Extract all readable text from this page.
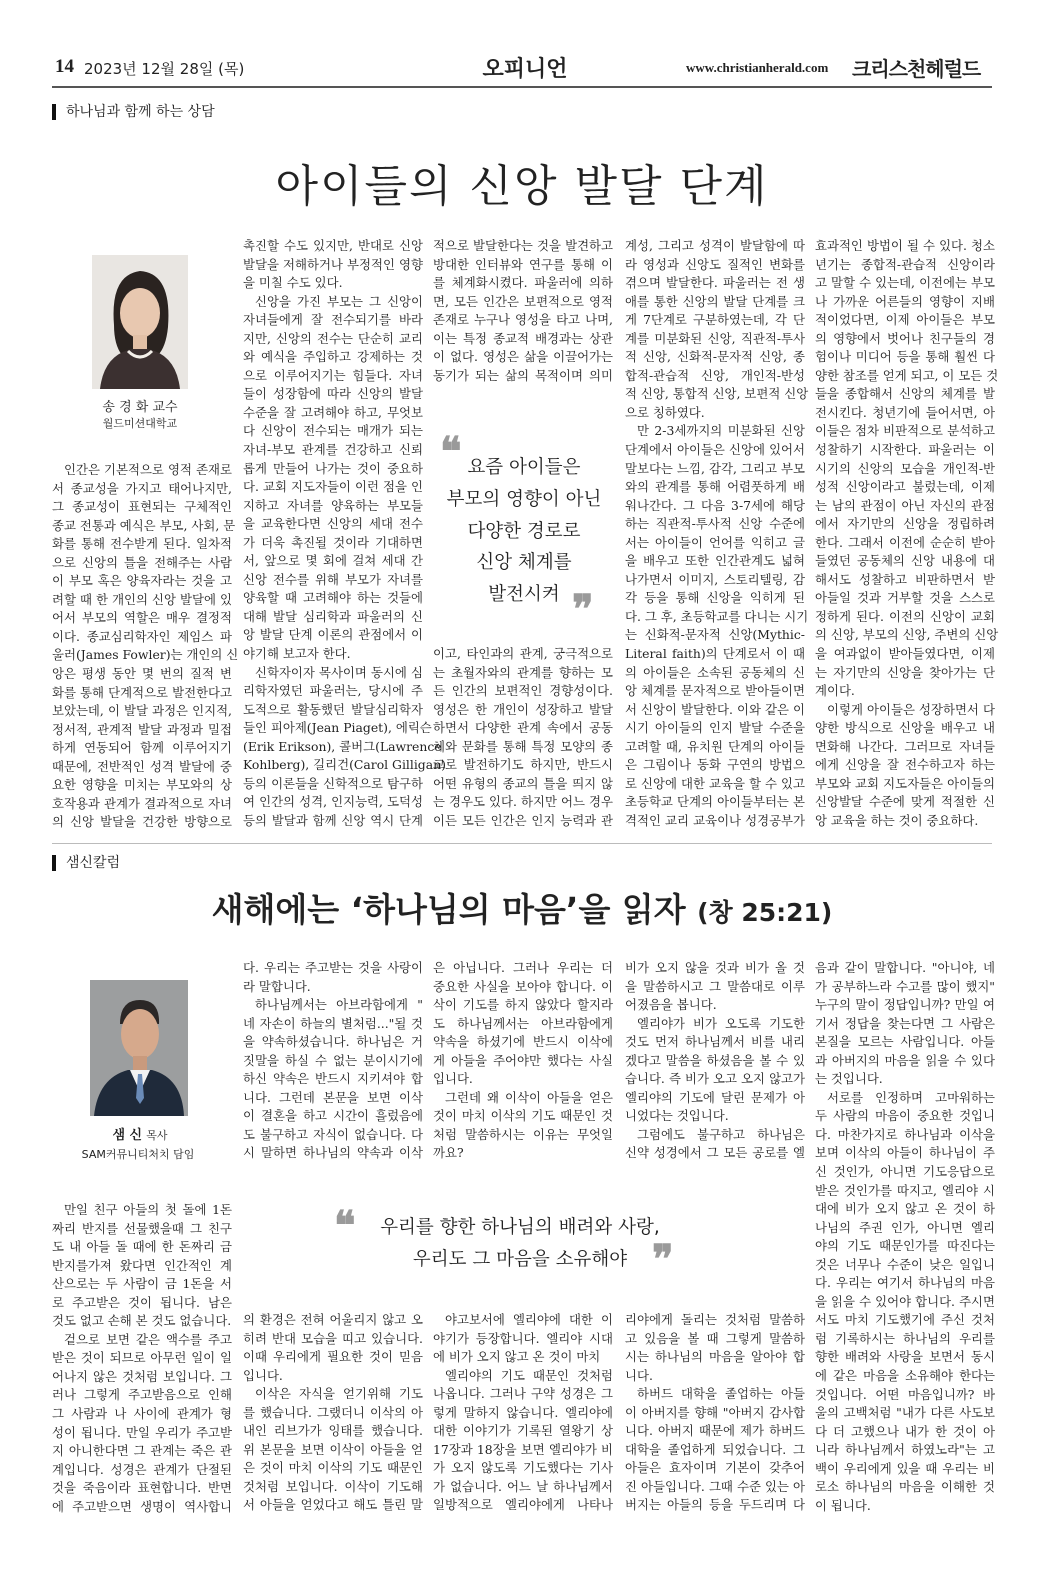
14 2023년 12월 28일 (목)	오피니언	www.christianherald.com 크리스천헤럴드
하나님과 함께 하는 상담
아이들의 신앙 발달 단계
송 경 화 교수
월드미션대학교
인간은 기본적으로 영적 존재로
서 종교성을 가지고 태어나지만,
그 종교성이 표현되는 구체적인
종교 전통과 예식은 부모, 사회, 문
화를 통해 전수받게 된다. 일차적
으로 신앙의 틀을 전해주는 사람
이 부모 혹은 양육자라는 것을 고
려할 때 한 개인의 신앙 발달에 있
어서 부모의 역할은 매우 결정적
이다. 종교심리학자인 제임스 파
울러(James Fowler)는 개인의 신
앙은 평생 동안 몇 번의 질적 변
화를 통해 단계적으로 발전한다고
보았는데, 이 발달 과정은 인지적,
정서적, 관계적 발달 과정과 밀접
하게 연동되어 함께 이루어지기
때문에, 전반적인 성격 발달에 중
요한 영향을 미치는 부모와의 상
호작용과 관계가 결과적으로 자녀
의 신앙 발달을 건강한 방향으로
촉진할 수도 있지만, 반대로 신앙
발달을 저해하거나 부정적인 영향
을 미칠 수도 있다.
신앙을 가진 부모는 그 신앙이
자녀들에게 잘 전수되기를 바라
지만, 신앙의 전수는 단순히 교리
와 예식을 주입하고 강제하는 것
으로 이루어지기는 힘들다. 자녀
들이 성장함에 따라 신앙의 발달
수준을 잘 고려해야 하고, 무엇보
다 신앙이 전수되는 매개가 되는
자녀-부모 관계를 건강하고 신뢰
롭게 만들어 나가는 것이 중요하
다. 교회 지도자들이 이런 점을 인
지하고 자녀를 양육하는 부모들
을 교육한다면 신앙의 세대 전수
가 더욱 촉진될 것이라 기대하면
서, 앞으로 몇 회에 걸쳐 세대 간
신앙 전수를 위해 부모가 자녀를
양육할 때 고려해야 하는 것들에
대해 발달 심리학과 파울러의 신
앙 발달 단계 이론의 관점에서 이
야기해 보고자 한다.
신학자이자 목사이며 동시에 심
리학자였던 파울러는, 당시에 주
도적으로 활동했던 발달심리학자
들인 피아제(Jean Piaget), 에릭슨
(Erik Erikson), 콜버그(Lawrence
Kohlberg), 길리건(Carol Gilligan)
등의 이론들을 신학적으로 탐구하
여 인간의 성격, 인지능력, 도덕성
등의 발달과 함께 신앙 역시 단계
적으로 발달한다는 것을 발견하고
방대한 인터뷰와 연구를 통해 이
를 체계화시켰다. 파울러에 의하
면, 모든 인간은 보편적으로 영적
존재로 누구나 영성을 타고 나며,
이는 특정 종교적 배경과는 상관
이 없다. 영성은 삶을 이끌어가는
동기가 되는 삶의 목적이며 의미
이고, 타인과의 관계, 궁극적으로
는 초월자와의 관계를 향하는 모
든 인간의 보편적인 경향성이다.
영성은 한 개인이 성장하고 발달
하면서 다양한 관계 속에서 공동
체와 문화를 통해 특정 모양의 종
교로 발전하기도 하지만, 반드시
어떤 유형의 종교의 틀을 띄지 않
는 경우도 있다. 하지만 어느 경우
이든 모든 인간은 인지 능력과 관
계성, 그리고 성격이 발달함에 따
라 영성과 신앙도 질적인 변화를
겪으며 발달한다. 파울러는 전 생
애를 통한 신앙의 발달 단계를 크
게 7단계로 구분하였는데, 각 단
계를 미분화된 신앙, 직관적-투사
적 신앙, 신화적-문자적 신앙, 종
합적-관습적 신앙, 개인적-반성
적 신앙, 통합적 신앙, 보편적 신앙
으로 칭하였다.
만 2-3세까지의 미분화된 신앙
단계에서 아이들은 신앙에 있어서
말보다는 느낌, 감각, 그리고 부모
와의 관계를 통해 어렴풋하게 배
워나간다. 그 다음 3-7세에 해당
하는 직관적-투사적 신앙 수준에
서는 아이들이 언어를 익히고 글
을 배우고 또한 인간관계도 넓혀
나가면서 이미지, 스토리텔링, 감
각 등을 통해 신앙을 익히게 된
다. 그 후, 초등학교를 다니는 시기
는 신화적-문자적 신앙(Mythic-
Literal faith)의 단계로서 이 때
의 아이들은 소속된 공동체의 신
앙 체계를 문자적으로 받아들이면
서 신앙이 발달한다. 이와 같은 이
시기 아이들의 인지 발달 수준을
고려할 때, 유치원 단계의 아이들
은 그림이나 동화 구연의 방법으
로 신앙에 대한 교육을 할 수 있고
초등학교 단계의 아이들부터는 본
격적인 교리 교육이나 성경공부가
효과적인 방법이 될 수 있다. 청소
년기는 종합적-관습적 신앙이라
고 말할 수 있는데, 이전에는 부모
나 가까운 어른들의 영향이 지배
적이었다면, 이제 아이들은 부모
의 영향에서 벗어나 친구들의 경
험이나 미디어 등을 통해 훨씬 다
양한 참조를 얻게 되고, 이 모든 것
들을 종합해서 신앙의 체계를 발
전시킨다. 청년기에 들어서면, 아
이들은 점차 비판적으로 분석하고
성찰하기 시작한다. 파울러는 이
시기의 신앙의 모습을 개인적-반
성적 신앙이라고 불렀는데, 이제
는 남의 관점이 아닌 자신의 관점
에서 자기만의 신앙을 정립하려
한다. 그래서 이전에 순순히 받아
들였던 공동체의 신앙 내용에 대
해서도 성찰하고 비판하면서 받
아들일 것과 거부할 것을 스스로
정하게 된다. 이전의 신앙이 교회
의 신앙, 부모의 신앙, 주변의 신앙
을 여과없이 받아들였다면, 이제
는 자기만의 신앙을 찾아가는 단
계이다.
이렇게 아이들은 성장하면서 다
양한 방식으로 신앙을 배우고 내
면화해 나간다. 그러므로 자녀들
에게 신앙을 잘 전수하고자 하는
부모와 교회 지도자들은 아이들의
신앙발달 수준에 맞게 적절한 신
앙 교육을 하는 것이 중요하다.
❝ 요즘 아이들은
부모의 영향이 아닌
다양한 경로로
신앙 체계를
발전시켜 ❞
샘신칼럼
새해에는 ‘하나님의 마음’을 읽자 (창 25:21)
샘 신 목사
SAM커뮤니티처치 담임
만일 친구 아들의 첫 돌에 1돈
짜리 반지를 선물했을때 그 친구
도 내 아들 돌 때에 한 돈짜리 금
반지를가져 왔다면 인간적인 계
산으로는 두 사람이 금 1돈을 서
로 주고받은 것이 됩니다. 남은
것도 없고 손해 본 것도 없습니다.
겉으로 보면 같은 액수를 주고
받은 것이 되므로 아무런 일이 일
어나지 않은 것처럼 보입니다. 그
러나 그렇게 주고받음으로 인해
그 사람과 나 사이에 관계가 형
성이 됩니다. 만일 우리가 주고받
지 아니한다면 그 관계는 죽은 관
계입니다. 성경은 관계가 단절된
것을 죽음이라 표현합니다. 반면
에 주고받으면 생명이 역사합니
다. 우리는 주고받는 것을 사랑이
라 말합니다.
하나님께서는 아브라함에게 "
네 자손이 하늘의 별처럼..."될 것
을 약속하셨습니다. 하나님은 거
짓말을 하실 수 없는 분이시기에
하신 약속은 반드시 지키셔야 합
니다. 그런데 본문을 보면 이삭
이 결혼을 하고 시간이 흘렀음에
도 불구하고 자식이 없습니다. 다
시 말하면 하나님의 약속과 이삭
의 환경은 전혀 어울리지 않고 오
히려 반대 모습을 띠고 있습니다.
이때 우리에게 필요한 것이 믿음
입니다.
이삭은 자식을 얻기위해 기도
를 했습니다. 그랬더니 이삭의 아
내인 리브가가 잉태를 했습니다.
위 본문을 보면 이삭이 아들을 얻
은 것이 마치 이삭의 기도 때문인
것처럼 보입니다. 이삭이 기도해
서 아들을 얻었다고 해도 틀린 말
은 아닙니다. 그러나 우리는 더
중요한 사실을 보아야 합니다. 이
삭이 기도를 하지 않았다 할지라
도 하나님께서는 아브라함에게
약속을 하셨기에 반드시 이삭에
게 아들을 주어야만 했다는 사실
입니다.
그런데 왜 이삭이 아들을 얻은
것이 마치 이삭의 기도 때문인 것
처럼 말씀하시는 이유는 무엇일
까요?
야고보서에 엘리야에 대한 이
야기가 등장합니다. 엘리야 시대
에 비가 오지 않고 온 것이 마치
엘리야의 기도 때문인 것처럼
나옵니다. 그러나 구약 성경은 그
렇게 말하지 않습니다. 엘리야에
대한 이야기가 기록된 열왕기 상
17장과 18장을 보면 엘리야가 비
가 오지 않도록 기도했다는 기사
가 없습니다. 어느 날 하나님께서
일방적으로 엘리야에게 나타나
비가 오지 않을 것과 비가 올 것
을 말씀하시고 그 말씀대로 이루
어졌음을 봅니다.
엘리야가 비가 오도록 기도한
것도 먼저 하나님께서 비를 내리
겠다고 말씀을 하셨음을 볼 수 있
습니다. 즉 비가 오고 오지 않고가
엘리야의 기도에 달린 문제가 아
니었다는 것입니다.
그럼에도 불구하고 하나님은
신약 성경에서 그 모든 공로를 엘
리야에게 돌리는 것처럼 말씀하
고 있음을 볼 때 그렇게 말씀하
시는 하나님의 마음을 알아야 합
니다.
하버드 대학을 졸업하는 아들
이 아버지를 향해 "아버지 감사합
니다. 아버지 때문에 제가 하버드
대학을 졸업하게 되었습니다. 그
아들은 효자이며 기본이 갖추어
진 아들입니다. 그때 수준 있는 아
버지는 아들의 등을 두드리며 다
음과 같이 말합니다. "아니야, 네
가 공부하느라 수고를 많이 했지"
누구의 말이 정답입니까? 만일 여
기서 정답을 찾는다면 그 사람은
본질을 모르는 사람입니다. 아들
과 아버지의 마음을 읽을 수 있다
는 것입니다.
서로를 인정하며 고마워하는
두 사람의 마음이 중요한 것입니
다. 마찬가지로 하나님과 이삭을
보며 이삭의 아들이 하나님이 주
신 것인가, 아니면 기도응답으로
받은 것인가를 따지고, 엘리야 시
대에 비가 오지 않고 온 것이 하
나님의 주권 인가, 아니면 엘리
야의 기도 때문인가를 따진다는
것은 너무나 수준이 낮은 일입니
다. 우리는 여기서 하나님의 마음
을 읽을 수 있어야 합니다. 주시면
서도 마치 기도했기에 주신 것처
럼 기록하시는 하나님의 우리를
향한 배려와 사랑을 보면서 동시
에 같은 마음을 소유해야 한다는
것입니다. 어떤 마음입니까? 바
울의 고백처럼 "내가 다른 사도보
다 더 고했으나 내가 한 것이 아
니라 하나님께서 하였노라"는 고
백이 우리에게 있을 때 우리는 비
로소 하나님의 마음을 이해한 것
이 됩니다.
❝	우리를 향한 하나님의 배려와 사랑,
우리도 그 마음을 소유해야 ❞
